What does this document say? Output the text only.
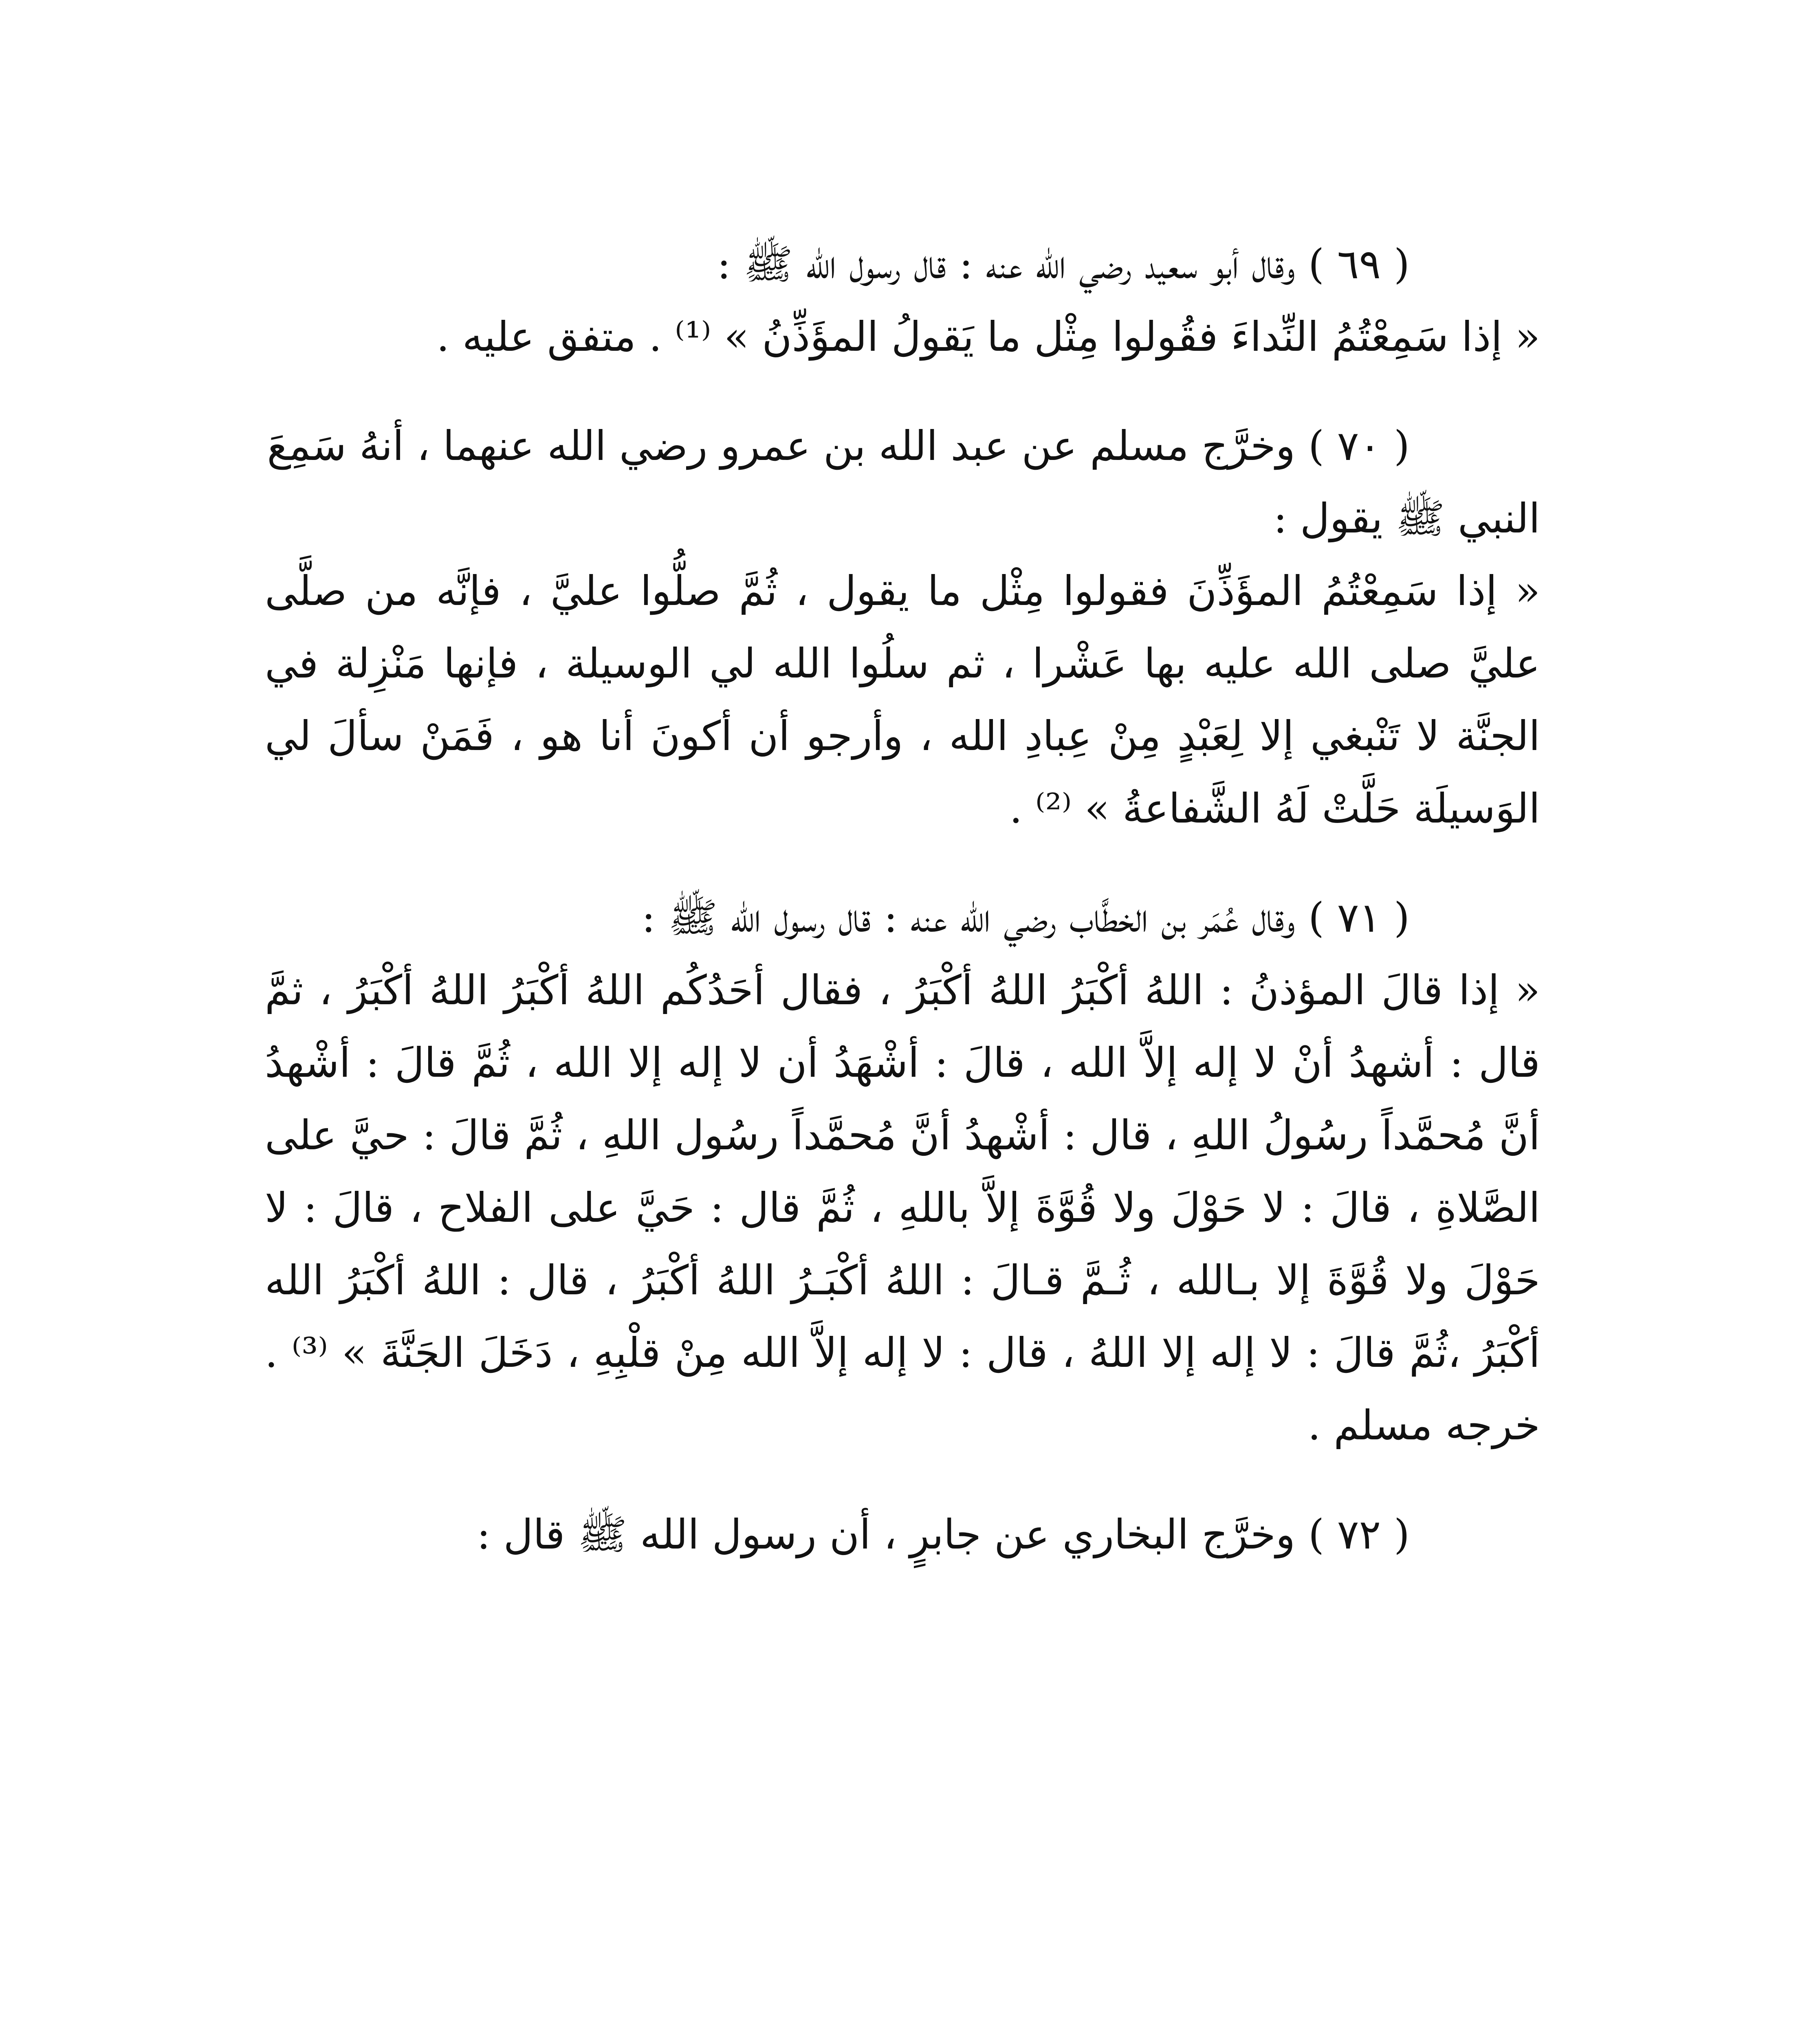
( ٦٩ ) وقال أبو سعيد رضي الله عنه : قال رسول الله ﷺ :

« إذا سَمِعْتُمُ النِّداءَ فقُولوا مِثْل ما يَقولُ المؤَذِّنُ » ⁽¹⁾ . متفق عليه .

( ٧٠ ) وخرَّج مسلم عن عبد الله بن عمرو رضي الله عنهما ، أنهُ سَمِعَ

النبي ﷺ يقول :

« إذا سَمِعْتُمُ المؤَذِّنَ فقولوا مِثْل ما يقول ، ثُمَّ صلُّوا عليَّ ، فإنَّه من صلَّى عليَّ صلى الله عليه بها عَشْرا ، ثم سلُوا الله لي الوسيلة ، فإنها مَنْزِلة في الجنَّة لا تَنْبغي إلا لِعَبْدٍ مِنْ عِبادِ الله ، وأرجو أن أكونَ أنا هو ، فَمَنْ سألَ لي الوَسيلَة حَلَّتْ لَهُ الشَّفاعةُ » ⁽²⁾ .

( ٧١ ) وقال عُمَر بن الخطَّاب رضي الله عنه : قال رسول الله ﷺ :

« إذا قالَ المؤذنُ : اللهُ أكْبَرُ اللهُ أكْبَرُ ، فقال أحَدُكُم اللهُ أكْبَرُ اللهُ أكْبَرُ ، ثمَّ قال : أشهدُ أنْ لا إله إلاَّ الله ، قالَ : أشْهَدُ أن لا إله إلا الله ، ثُمَّ قالَ : أشْهدُ أنَّ مُحمَّداً رسُولُ اللهِ ، قال : أشْهدُ أنَّ مُحمَّداً رسُول اللهِ ، ثُمَّ قالَ : حيَّ على الصَّلاةِ ، قالَ : لا حَوْلَ ولا قُوَّةَ إلاَّ باللهِ ، ثُمَّ قال : حَيَّ على الفلاح ، قالَ : لا حَوْلَ ولا قُوَّةَ إلا بـالله ، ثُـمَّ قـالَ : اللهُ أكْبَـرُ اللهُ أكْبَرُ ، قال : اللهُ أكْبَرُ الله أكْبَرُ ،ثُمَّ قالَ : لا إله إلا اللهُ ، قال : لا إله إلاَّ الله مِنْ قلْبِهِ ، دَخَلَ الجَنَّةَ » ⁽³⁾ . خرجه مسلم .

( ٧٢ ) وخرَّج البخاري عن جابرٍ ، أن رسول الله ﷺ قال :
